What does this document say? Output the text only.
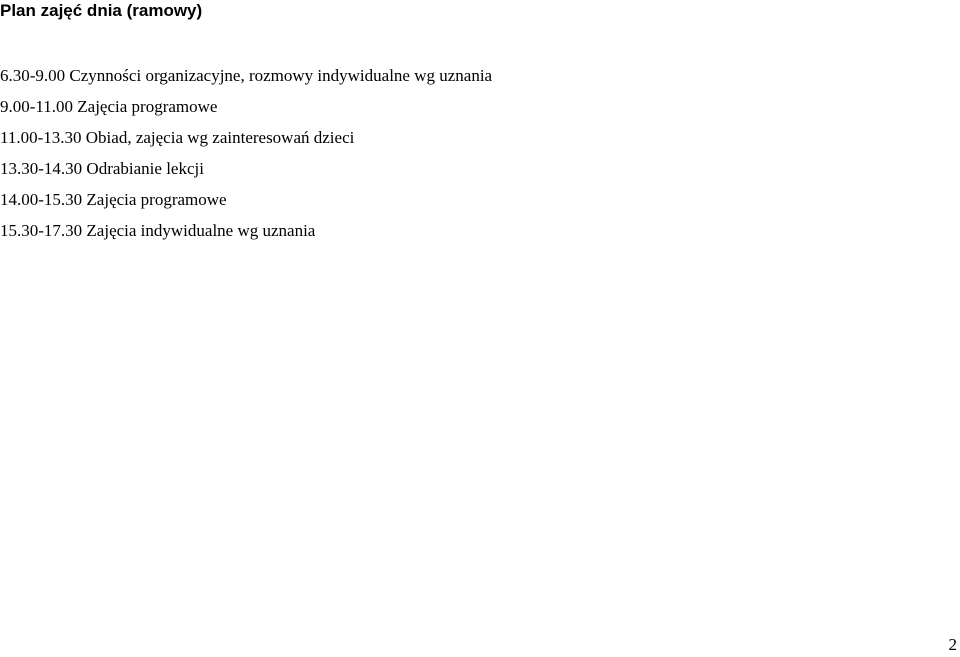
Plan zajęć dnia (ramowy)
6.30-9.00 Czynności organizacyjne, rozmowy indywidualne wg uznania
9.00-11.00 Zajęcia programowe
11.00-13.30 Obiad, zajęcia wg zainteresowań dzieci
13.30-14.30 Odrabianie lekcji
14.00-15.30 Zajęcia programowe
15.30-17.30 Zajęcia indywidualne wg uznania
2
